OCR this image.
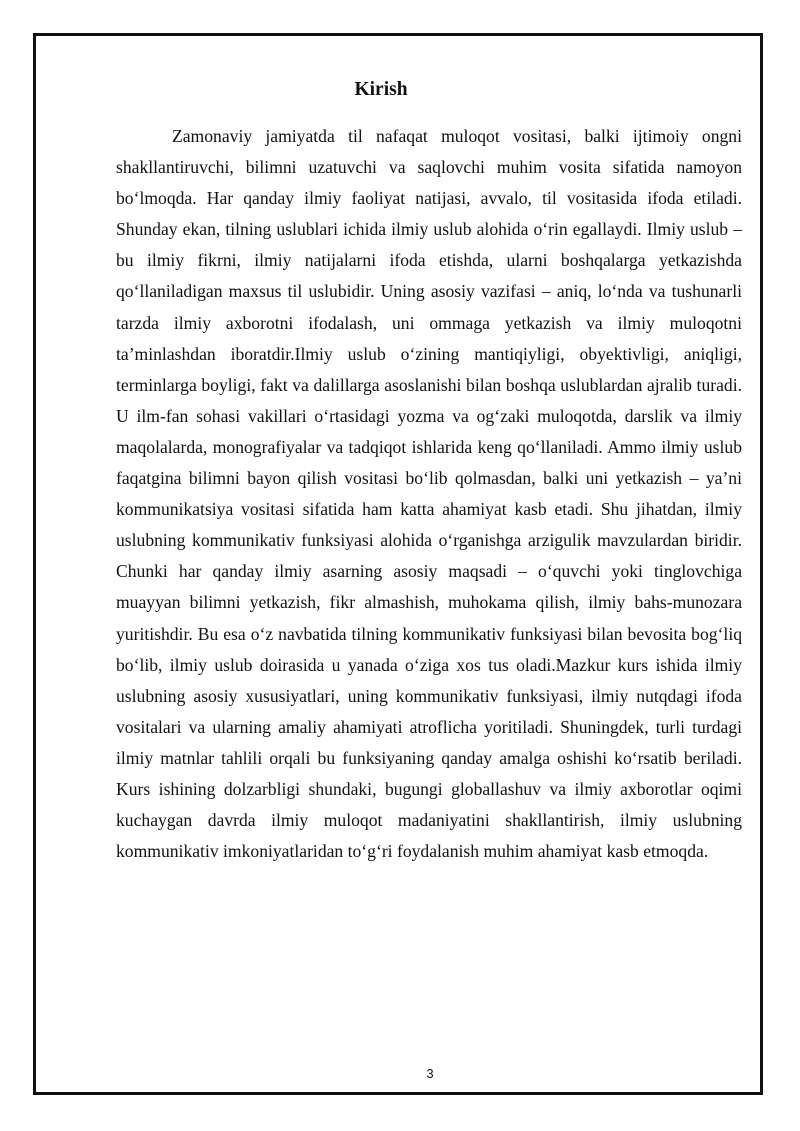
Kirish

Zamonaviy jamiyatda til nafaqat muloqot vositasi, balki ijtimoiy ongni shakllantiruvchi, bilimni uzatuvchi va saqlovchi muhim vosita sifatida namoyon bo‘lmoqda. Har qanday ilmiy faoliyat natijasi, avvalo, til vositasida ifoda etiladi. Shunday ekan, tilning uslublari ichida ilmiy uslub alohida o‘rin egallaydi. Ilmiy uslub – bu ilmiy fikrni, ilmiy natijalarni ifoda etishda, ularni boshqalarga yetkazishda qo‘llaniladigan maxsus til uslubidir. Uning asosiy vazifasi – aniq, lo‘nda va tushunarli tarzda ilmiy axborotni ifodalash, uni ommaga yetkazish va ilmiy muloqotni ta’minlashdan iboratdir.Ilmiy uslub o‘zining mantiqiyligi, obyektivligi, aniqligi, terminlarga boyligi, fakt va dalillarga asoslanishi bilan boshqa uslublardan ajralib turadi. U ilm-fan sohasi vakillari o‘rtasidagi yozma va og‘zaki muloqotda, darslik va ilmiy maqolalarda, monografiyalar va tadqiqot ishlarida keng qo‘llaniladi. Ammo ilmiy uslub faqatgina bilimni bayon qilish vositasi bo‘lib qolmasdan, balki uni yetkazish – ya’ni kommunikatsiya vositasi sifatida ham katta ahamiyat kasb etadi. Shu jihatdan, ilmiy uslubning kommunikativ funksiyasi alohida o‘rganishga arzigulik mavzulardan biridir. Chunki har qanday ilmiy asarning asosiy maqsadi – o‘quvchi yoki tinglovchiga muayyan bilimni yetkazish, fikr almashish, muhokama qilish, ilmiy bahs-munozara yuritishdir. Bu esa o‘z navbatida tilning kommunikativ funksiyasi bilan bevosita bog‘liq bo‘lib, ilmiy uslub doirasida u yanada o‘ziga xos tus oladi.Mazkur kurs ishida ilmiy uslubning asosiy xususiyatlari, uning kommunikativ funksiyasi, ilmiy nutqdagi ifoda vositalari va ularning amaliy ahamiyati atroflicha yoritiladi. Shuningdek, turli turdagi ilmiy matnlar tahlili orqali bu funksiyaning qanday amalga oshishi ko‘rsatib beriladi. Kurs ishining dolzarbligi shundaki, bugungi globallashuv va ilmiy axborotlar oqimi kuchaygan davrda ilmiy muloqot madaniyatini shakllantirish, ilmiy uslubning kommunikativ imkoniyatlaridan to‘g‘ri foydalanish muhim ahamiyat kasb etmoqda.

3
